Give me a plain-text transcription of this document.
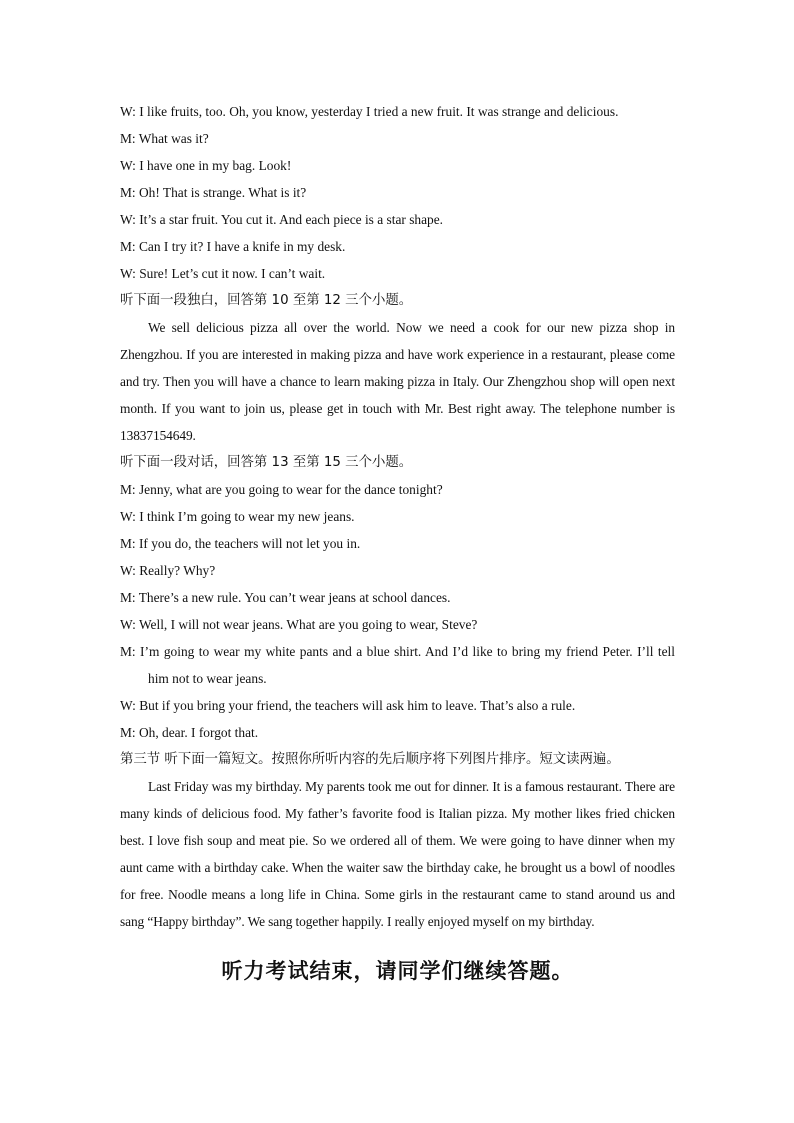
W: I like fruits, too. Oh, you know, yesterday I tried a new fruit. It was strange and delicious.
M: What was it?
W: I have one in my bag. Look!
M: Oh! That is strange. What is it?
W: It’s a star fruit. You cut it. And each piece is a star shape.
M: Can I try it? I have a knife in my desk.
W: Sure! Let’s cut it now. I can’t wait.
听下面一段独白，回答第 10 至第 12 三个小题。
We sell delicious pizza all over the world. Now we need a cook for our new pizza shop in Zhengzhou. If you are interested in making pizza and have work experience in a restaurant, please come and try. Then you will have a chance to learn making pizza in Italy. Our Zhengzhou shop will open next month. If you want to join us, please get in touch with Mr. Best right away. The telephone number is 13837154649.
听下面一段对话，回答第 13 至第 15 三个小题。
M: Jenny, what are you going to wear for the dance tonight?
W: I think I’m going to wear my new jeans.
M: If you do, the teachers will not let you in.
W: Really? Why?
M: There’s a new rule. You can’t wear jeans at school dances.
W: Well, I will not wear jeans. What are you going to wear, Steve?
M: I’m going to wear my white pants and a blue shirt. And I’d like to bring my friend Peter. I’ll tell him not to wear jeans.
W: But if you bring your friend, the teachers will ask him to leave. That’s also a rule.
M: Oh, dear. I forgot that.
第三节 听下面一篇短文。按照你所听内容的先后顺序将下列图片排序。短文读两遍。
Last Friday was my birthday. My parents took me out for dinner. It is a famous restaurant. There are many kinds of delicious food. My father’s favorite food is Italian pizza. My mother likes fried chicken best. I love fish soup and meat pie. So we ordered all of them. We were going to have dinner when my aunt came with a birthday cake. When the waiter saw the birthday cake, he brought us a bowl of noodles for free. Noodle means a long life in China. Some girls in the restaurant came to stand around us and sang “Happy birthday”. We sang together happily. I really enjoyed myself on my birthday.
听力考试结束，请同学们继续答题。
